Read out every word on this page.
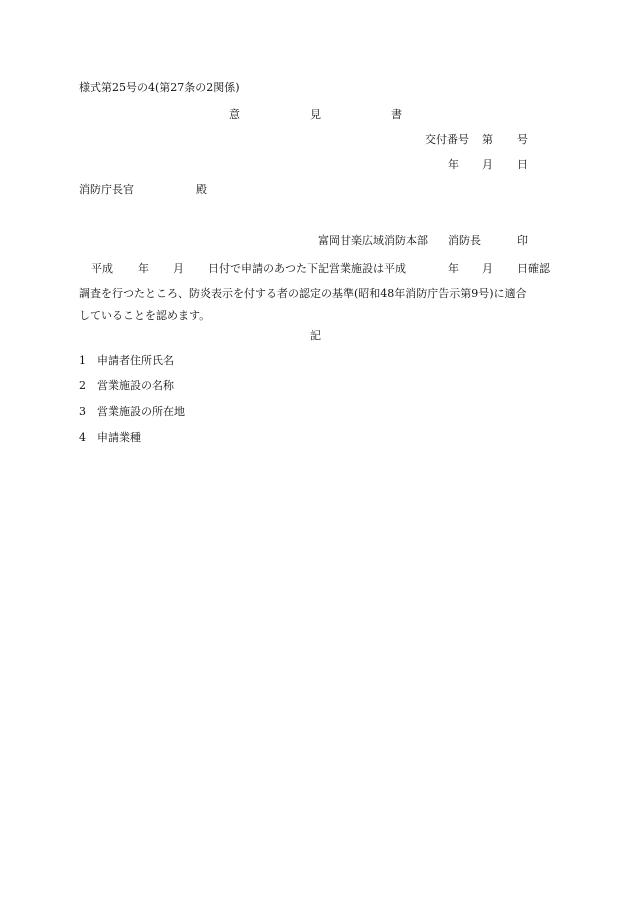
様式第25号の4(第27条の2関係)
意	見	書
交付番号 第 号
年 月 日
消防庁長官	殿
富岡甘楽広域消防本部 消防長	印
平成 年 月 日付で申請のあつた下記営業施設は平成	年 月 日確認
調査を行つたところ、防炎表示を付する者の認定の基準(昭和48年消防庁告示第9号)に適合
していることを認めます。
記
1 申請者住所氏名
2 営業施設の名称
3 営業施設の所在地
4 申請業種
